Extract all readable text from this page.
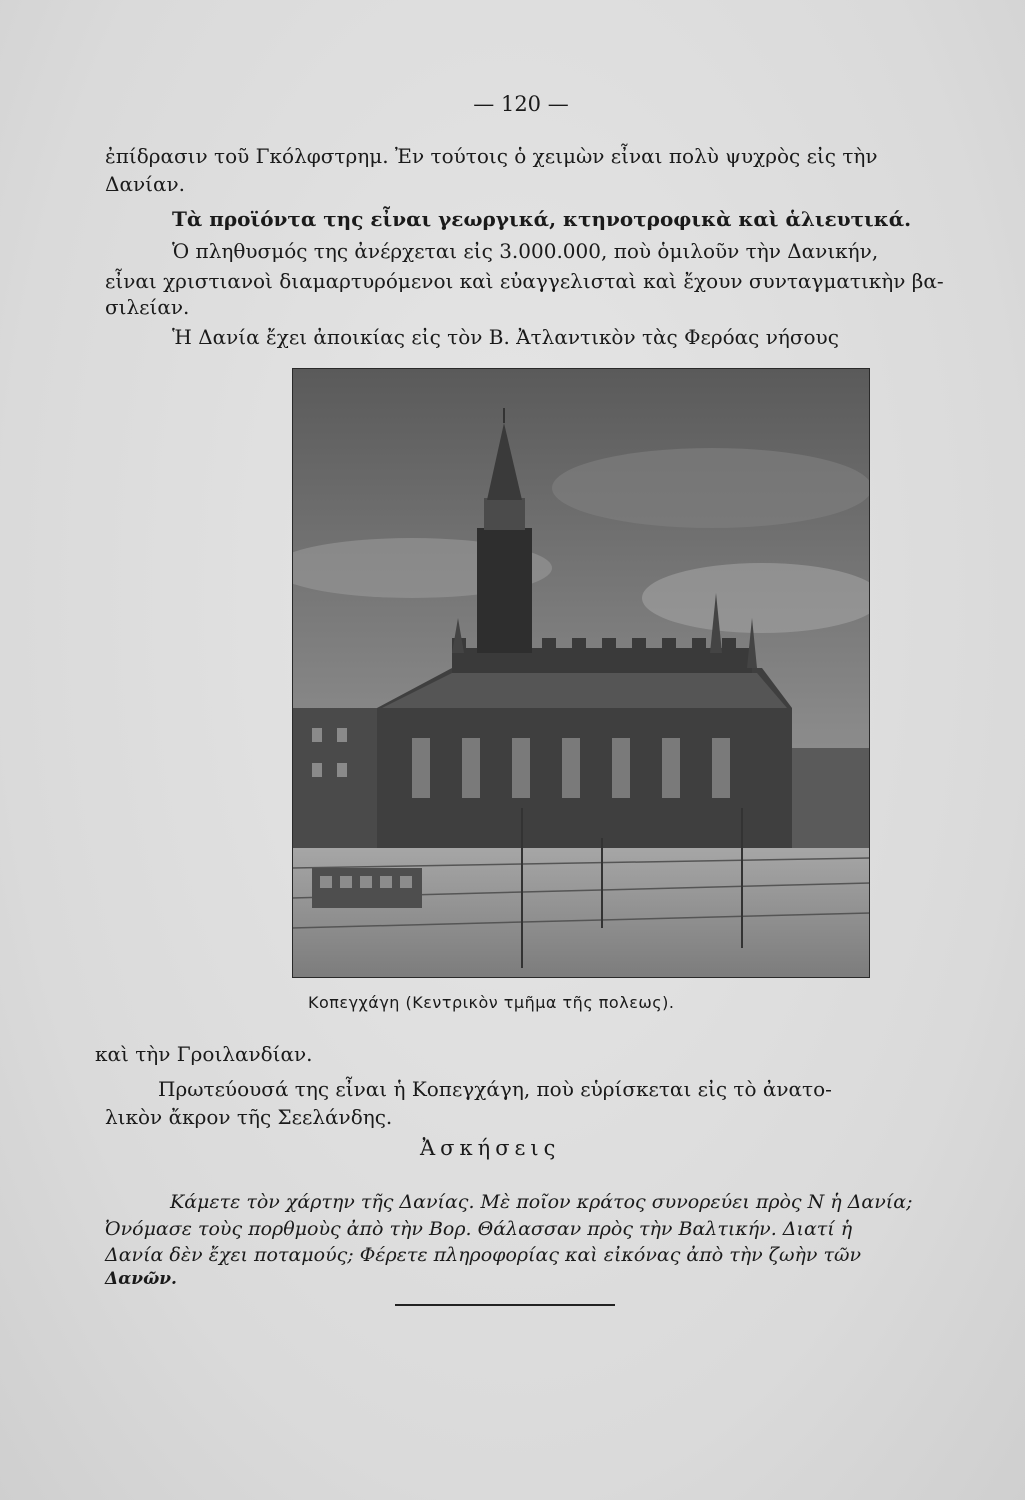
— 120 —
ἐπίδρασιν τοῦ Γκόλφστρημ. Ἐν τούτοις ὁ χειμὼν εἶναι πολὺ ψυχρὸς εἰς τὴν
Δανίαν.
Τὰ προϊόντα της εἶναι γεωργικά, κτηνοτροφικὰ καὶ ἁλιευτικά.
Ὁ πληθυσμός της ἀνέρχεται εἰς 3.000.000, ποὺ ὁμιλοῦν τὴν Δανικήν,
εἶναι χριστιανοὶ διαμαρτυρόμενοι καὶ εὐαγγελισταὶ καὶ ἔχουν συνταγματικὴν βα-
σιλείαν.
Ἡ Δανία ἔχει ἀποικίας εἰς τὸν Β. Ἀτλαντικὸν τὰς Φερόας νήσους
Κοπεγχάγη (Κεντρικὸν τμῆμα τῆς πολεως).
καὶ τὴν Γροιλανδίαν.
Πρωτεύουσά της εἶναι ἡ Κοπεγχάγη, ποὺ εὑρίσκεται εἰς τὸ ἀνατο-
λικὸν ἄκρον τῆς Σεελάνδης.
Ἀσκήσεις
Κάμετε τὸν χάρτην τῆς Δανίας. Μὲ ποῖον κράτος συνορεύει πρὸς Ν ἡ Δανία;
Ὀνόμασε τοὺς πορθμοὺς ἀπὸ τὴν Βορ. Θάλασσαν πρὸς τὴν Βαλτικήν. Διατί ἡ
Δανία δὲν ἔχει ποταμούς; Φέρετε πληροφορίας καὶ εἰκόνας ἀπὸ τὴν ζωὴν τῶν
Δανῶν.
